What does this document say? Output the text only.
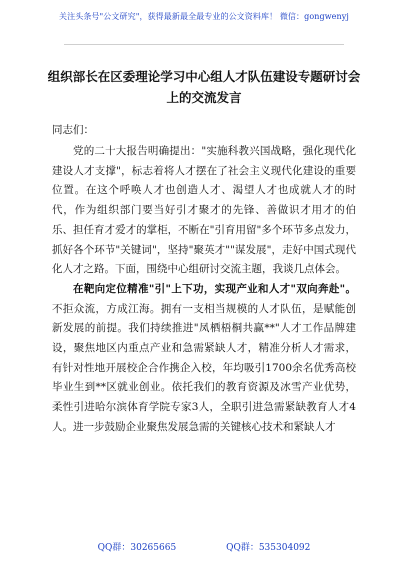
关注头条号"公文研究"，获得最新最全最专业的公文资料库！ 微信：gongwenyj
组织部长在区委理论学习中心组人才队伍建设专题研讨会
上的交流发言
同志们：

党的二十大报告明确提出："实施科教兴国战略，强化现代化建设人才支撑"，标志着将人才摆在了社会主义现代化建设的重要位置。在这个呼唤人才也创造人才、渴望人才也成就人才的时代，作为组织部门要当好引才聚才的先锋、善做识才用才的伯乐、担任育才爱才的掌柜，不断在"引育用留"多个环节多点发力，抓好各个环节"关键词"，坚持"聚英才""谋发展"，走好中国式现代化人才之路。下面，围绕中心组研讨交流主题，我谈几点体会。

在靶向定位精准"引"上下功，实现产业和人才"双向奔赴"。不拒众流，方成江海。拥有一支相当规模的人才队伍，是赋能创新发展的前提。我们持续推进"凤栖梧桐共赢**"人才工作品牌建设，聚焦地区内重点产业和急需紧缺人才，精准分析人才需求，有针对性地开展校企合作携企入校，年均吸引1700余名优秀高校毕业生到**区就业创业。依托我们的教育资源及冰雪产业优势，柔性引进哈尔滨体育学院专家3人，全职引进急需紧缺教育人才4人。进一步鼓励企业聚焦发展急需的关键核心技术和紧缺人才

QQ群：30265665	QQ群：535304092
